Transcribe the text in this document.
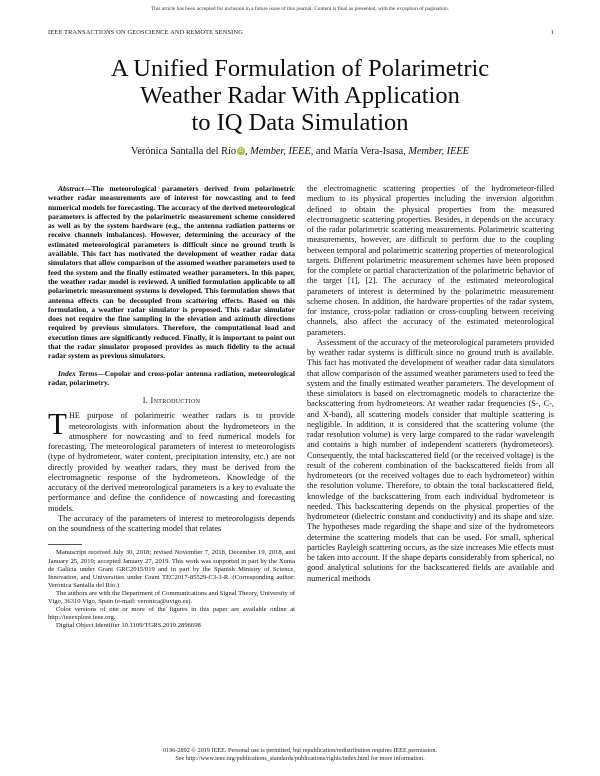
This article has been accepted for inclusion in a future issue of this journal. Content is final as presented, with the exception of pagination.
IEEE TRANSACTIONS ON GEOSCIENCE AND REMOTE SENSING	1
A Unified Formulation of Polarimetric
Weather Radar With Application
to IQ Data Simulation
Verónica Santalla del Río iD, Member, IEEE, and María Vera-Isasa, Member, IEEE

Abstract—The meteorological parameters derived from polarimetric weather radar measurements are of interest for nowcasting and to feed numerical models for forecasting. The accuracy of the derived meteorological parameters is affected by the polarimetric measurement scheme considered as well as by the system hardware (e.g., the antenna radiation patterns or receive channels imbalances). However, determining the accuracy of the estimated meteorological parameters is difficult since no ground truth is available. This fact has motivated the development of weather radar data simulators that allow comparison of the assumed weather parameters used to feed the system and the finally estimated weather parameters. In this paper, the weather radar model is reviewed. A unified formulation applicable to all polarimetric measurement systems is developed. This formulation shows that antenna effects can be decoupled from scattering effects. Based on this formulation, a weather radar simulator is proposed. This radar simulator does not require the fine sampling in the elevation and azimuth directions required by previous simulators. Therefore, the computational load and execution times are significantly reduced. Finally, it is important to point out that the radar simulator proposed provides as much fidelity to the actual radar system as previous simulators.

Index Terms—Copolar and cross-polar antenna radiation, meteorological radar, polarimetry.

I. Introduction

THE purpose of polarimetric weather radars is to provide meteorologists with information about the hydrometeors in the atmosphere for nowcasting and to feed numerical models for forecasting. The meteorological parameters of interest to meteorologists (type of hydrometeor, water content, precipitation intensity, etc.) are not directly provided by weather radars, they must be derived from the electromagnetic response of the hydrometeors. Knowledge of the accuracy of the derived meteorological parameters is a key to evaluate the performance and define the confidence of nowcasting and forecasting models.

The accuracy of the parameters of interest to meteorologists depends on the soundness of the scattering model that relates

Manuscript received July 30, 2018; revised November 7, 2018, December 19, 2018, and January 25, 2019; accepted January 27, 2019. This work was supported in part by the Xunta de Galicia under Grant GRC2015/019 and in part by the Spanish Ministry of Science, Innovation, and Universities under Grant TEC2017-85529-C3-3-R. (Corresponding author: Verónica Santalla del Río.)

The authors are with the Department of Communications and Signal Theory, University of Vigo, 36310 Vigo, Spain (e-mail: veronica@uvigo.es).

Color versions of one or more of the figures in this paper are available online at http://ieeexplore.ieee.org.

Digital Object Identifier 10.1109/TGRS.2019.2896698

the electromagnetic scattering properties of the hydrometeor-filled medium to its physical properties including the inversion algorithm defined to obtain the physical properties from the measured electromagnetic scattering properties. Besides, it depends on the accuracy of the radar polarimetric scattering measurements. Polarimetric scattering measurements, however, are difficult to perform due to the coupling between temporal and polarimetric scattering properties of meteorological targets. Different polarimetric measurement schemes have been proposed for the complete or partial characterization of the polarimetric behavior of the target [1], [2]. The accuracy of the estimated meteorological parameters of interest is determined by the polarimetric measurement scheme chosen. In addition, the hardware properties of the radar system, for instance, cross-polar radiation or cross-coupling between receiving channels, also affect the accuracy of the estimated meteorological parameters.

Assessment of the accuracy of the meteorological parameters provided by weather radar systems is difficult since no ground truth is available. This fact has motivated the development of weather radar data simulators that allow comparison of the assumed weather parameters used to feed the system and the finally estimated weather parameters. The development of these simulators is based on electromagnetic models to characterize the backscattering from hydrometeors. At weather radar frequencies (S-, C-, and X-band), all scattering models consider that multiple scattering is negligible. In addition, it is considered that the scattering volume (the radar resolution volume) is very large compared to the radar wavelength and contains a high number of independent scatterers (hydrometeors). Consequently, the total backscattered field (or the received voltage) is the result of the coherent combination of the backscattered fields from all hydrometeors (or the received voltages due to each hydrometeor) within the resolution volume. Therefore, to obtain the total backscattered field, knowledge of the backscattering from each individual hydrometeor is needed. This backscattering depends on the physical properties of the hydrometeor (dielectric constant and conductivity) and its shape and size. The hypotheses made regarding the shape and size of the hydrometeors determine the scattering models that can be used. For small, spherical particles Rayleigh scattering occurs, as the size increases Mie effects must be taken into account. If the shape departs considerably from spherical, no good analytical solutions for the backscattered fields are available and numerical methods

0196-2892 © 2019 IEEE. Personal use is permitted, but republication/redistribution requires IEEE permission.
See http://www.ieee.org/publications_standards/publications/rights/index.html for more information.
